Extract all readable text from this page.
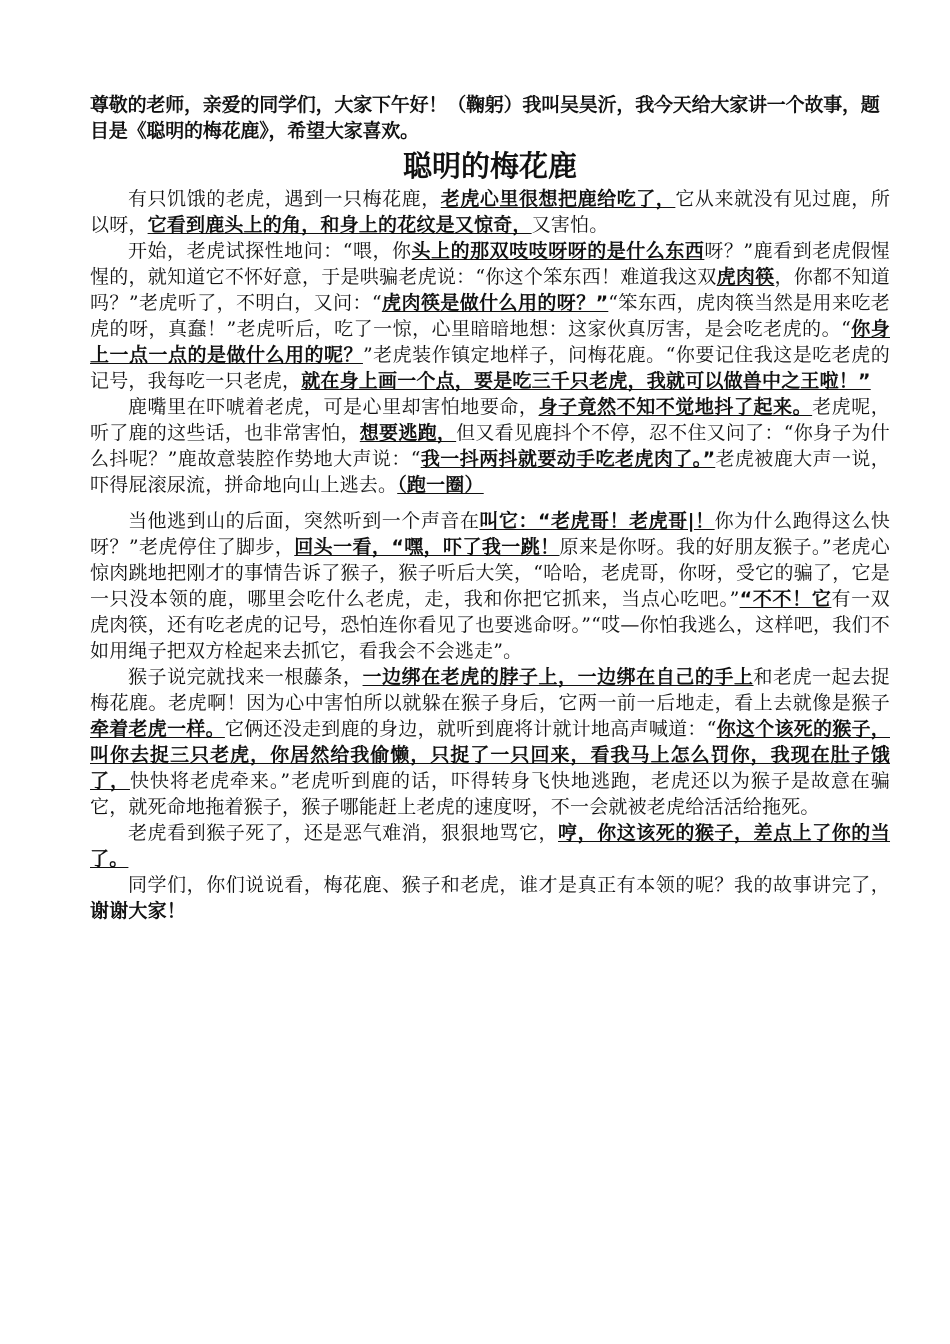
尊敬的老师，亲爱的同学们，大家下午好！（鞠躬）我叫吴昊沂，我今天给大家讲一个故事，题目是《聪明的梅花鹿》，希望大家喜欢。

聪明的梅花鹿

有只饥饿的老虎，遇到一只梅花鹿，老虎心里很想把鹿给吃了，它从来就没有见过鹿，所以呀，它看到鹿头上的角，和身上的花纹是又惊奇，又害怕。

开始，老虎试探性地问：“喂，你头上的那双吱吱呀呀的是什么东西呀？”鹿看到老虎假惺惺的，就知道它不怀好意，于是哄骗老虎说：“你这个笨东西！难道我这双虎肉筷，你都不知道吗？”老虎听了，不明白，又问：“虎肉筷是做什么用的呀？”“笨东西，虎肉筷当然是用来吃老虎的呀，真蠢！”老虎听后，吃了一惊，心里暗暗地想：这家伙真厉害，是会吃老虎的。“你身上一点一点的是做什么用的呢？”老虎装作镇定地样子，问梅花鹿。“你要记住我这是吃老虎的记号，我每吃一只老虎，就在身上画一个点，要是吃三千只老虎，我就可以做兽中之王啦！”

鹿嘴里在吓唬着老虎，可是心里却害怕地要命，身子竟然不知不觉地抖了起来。老虎呢，听了鹿的这些话，也非常害怕，想要逃跑，但又看见鹿抖个不停，忍不住又问了：“你身子为什么抖呢？”鹿故意装腔作势地大声说：“我一抖两抖就要动手吃老虎肉了。”老虎被鹿大声一说，吓得屁滚尿流，拼命地向山上逃去。（跑一圈）

当他逃到山的后面，突然听到一个声音在叫它：“老虎哥！老虎哥|！你为什么跑得这么快呀？”老虎停住了脚步，回头一看，“嘿，吓了我一跳！原来是你呀。我的好朋友猴子。”老虎心惊肉跳地把刚才的事情告诉了猴子，猴子听后大笑，“哈哈，老虎哥，你呀，受它的骗了，它是一只没本领的鹿，哪里会吃什么老虎，走，我和你把它抓来，当点心吃吧。”“不不！它有一双虎肉筷，还有吃老虎的记号，恐怕连你看见了也要逃命呀。”“哎—你怕我逃么，这样吧，我们不如用绳子把双方栓起来去抓它，看我会不会逃走”。

猴子说完就找来一根藤条，一边绑在老虎的脖子上，一边绑在自己的手上和老虎一起去捉梅花鹿。老虎啊！因为心中害怕所以就躲在猴子身后，它两一前一后地走，看上去就像是猴子牵着老虎一样。它俩还没走到鹿的身边，就听到鹿将计就计地高声喊道：“你这个该死的猴子，叫你去捉三只老虎，你居然给我偷懒，只捉了一只回来，看我马上怎么罚你，我现在肚子饿了，快快将老虎牵来。”老虎听到鹿的话，吓得转身飞快地逃跑，老虎还以为猴子是故意在骗它，就死命地拖着猴子，猴子哪能赶上老虎的速度呀，不一会就被老虎给活活给拖死。

老虎看到猴子死了，还是恶气难消，狠狠地骂它，哼，你这该死的猴子，差点上了你的当了。

同学们，你们说说看，梅花鹿、猴子和老虎，谁才是真正有本领的呢？我的故事讲完了，谢谢大家！
